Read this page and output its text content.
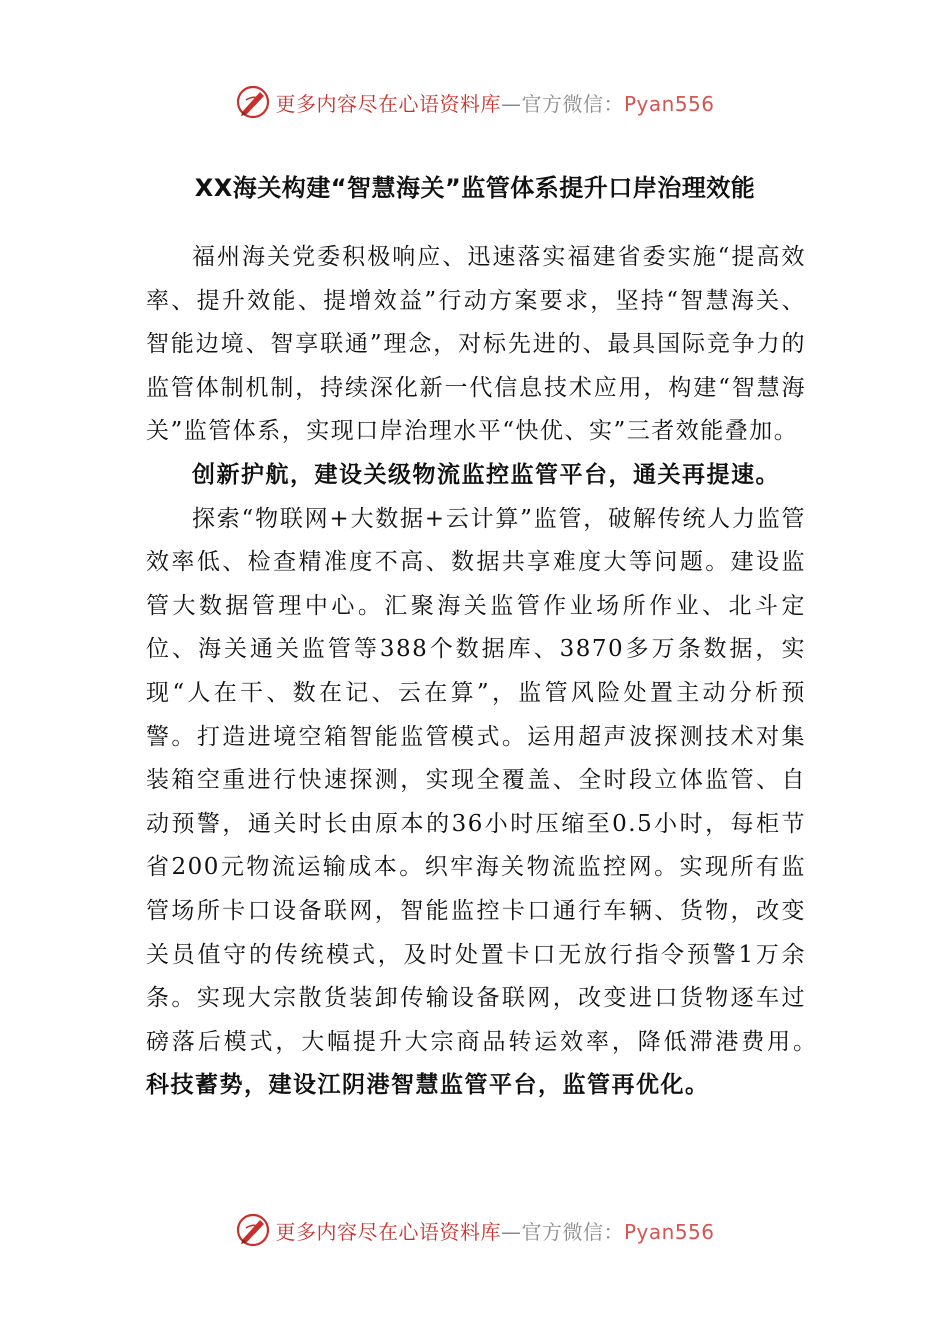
更多内容尽在心语资料库—官方微信：Pyan556
XX海关构建“智慧海关”监管体系提升口岸治理效能

福州海关党委积极响应、迅速落实福建省委实施“提高效率、提升效能、提增效益”行动方案要求，坚持“智慧海关、智能边境、智享联通”理念，对标先进的、最具国际竞争力的监管体制机制，持续深化新一代信息技术应用，构建“智慧海关”监管体系，实现口岸治理水平“快优、实”三者效能叠加。

创新护航，建设关级物流监控监管平台，通关再提速。

探索“物联网+大数据+云计算”监管，破解传统人力监管效率低、检查精准度不高、数据共享难度大等问题。建设监管大数据管理中心。汇聚海关监管作业场所作业、北斗定位、海关通关监管等388个数据库、3870多万条数据，实现“人在干、数在记、云在算”，监管风险处置主动分析预警。打造进境空箱智能监管模式。运用超声波探测技术对集装箱空重进行快速探测，实现全覆盖、全时段立体监管、自动预警，通关时长由原本的36小时压缩至0.5小时，每柜节省200元物流运输成本。织牢海关物流监控网。实现所有监管场所卡口设备联网，智能监控卡口通行车辆、货物，改变关员值守的传统模式，及时处置卡口无放行指令预警1万余条。实现大宗散货装卸传输设备联网，改变进口货物逐车过磅落后模式，大幅提升大宗商品转运效率，降低滞港费用。　科技蓄势，建设江阴港智慧监管平台，监管再优化。

更多内容尽在心语资料库—官方微信：Pyan556
